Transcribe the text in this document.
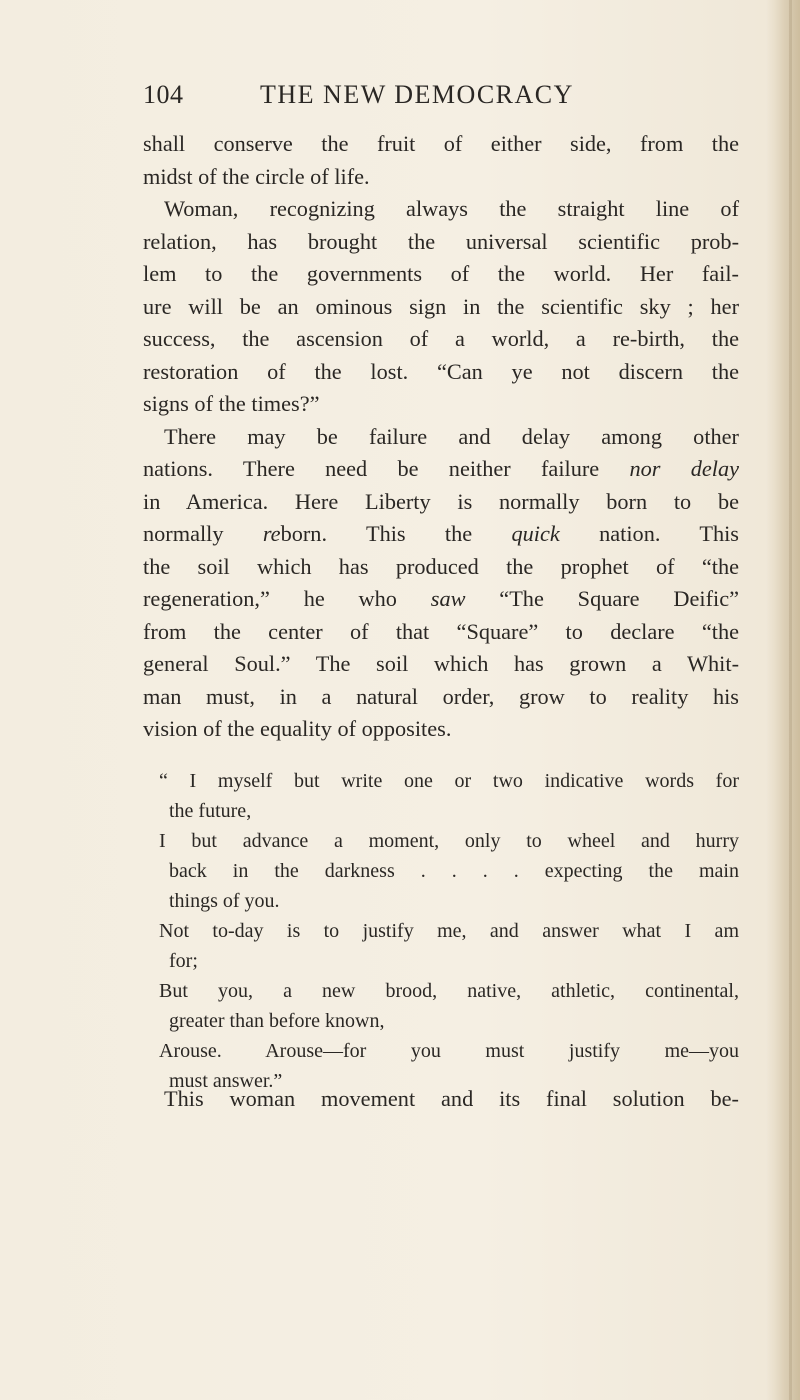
104	THE NEW DEMOCRACY
shall conserve the fruit of either side, from the
midst of the circle of life.
Woman, recognizing always the straight line of
relation, has brought the universal scientific prob-
lem to the governments of the world. Her fail-
ure will be an ominous sign in the scientific sky ; her
success, the ascension of a world, a re-birth, the
restoration of the lost. “Can ye not discern the
signs of the times?”
There may be failure and delay among other
nations. There need be neither failure nor delay
in America. Here Liberty is normally born to be
normally reborn. This the quick nation. This
the soil which has produced the prophet of “the
regeneration,” he who saw “The Square Deific”
from the center of that “Square” to declare “the
general Soul.” The soil which has grown a Whit-
man must, in a natural order, grow to reality his
vision of the equality of opposites.
“ I myself but write one or two indicative words for
the future,
I but advance a moment, only to wheel and hurry
back in the darkness . . . . expecting the main
things of you.
Not to-day is to justify me, and answer what I am
for;
But you, a new brood, native, athletic, continental,
greater than before known,
Arouse. Arouse—for you must justify me—you
must answer.”
This woman movement and its final solution be-
